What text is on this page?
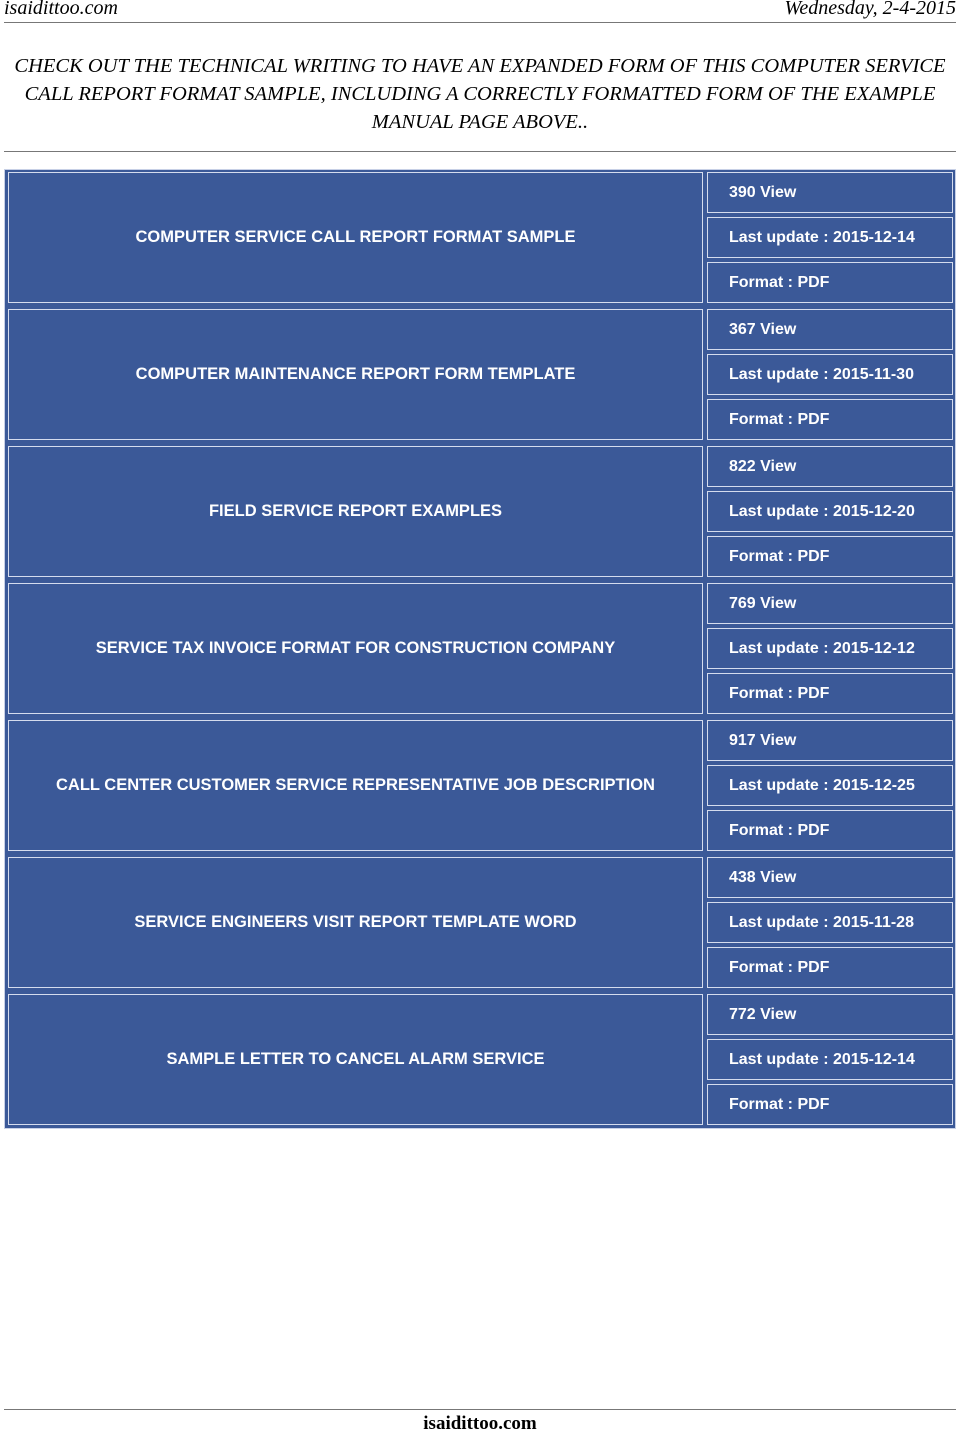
isaidittoo.com	Wednesday, 2-4-2015
CHECK OUT THE TECHNICAL WRITING TO HAVE AN EXPANDED FORM OF THIS COMPUTER SERVICE CALL REPORT FORMAT SAMPLE, INCLUDING A CORRECTLY FORMATTED FORM OF THE EXAMPLE MANUAL PAGE ABOVE..
COMPUTER SERVICE CALL REPORT FORMAT SAMPLE
390 View
Last update : 2015-12-14
Format : PDF
COMPUTER MAINTENANCE REPORT FORM TEMPLATE
367 View
Last update : 2015-11-30
Format : PDF
FIELD SERVICE REPORT EXAMPLES
822 View
Last update : 2015-12-20
Format : PDF
SERVICE TAX INVOICE FORMAT FOR CONSTRUCTION COMPANY
769 View
Last update : 2015-12-12
Format : PDF
CALL CENTER CUSTOMER SERVICE REPRESENTATIVE JOB DESCRIPTION
917 View
Last update : 2015-12-25
Format : PDF
SERVICE ENGINEERS VISIT REPORT TEMPLATE WORD
438 View
Last update : 2015-11-28
Format : PDF
SAMPLE LETTER TO CANCEL ALARM SERVICE
772 View
Last update : 2015-12-14
Format : PDF
isaidittoo.com
